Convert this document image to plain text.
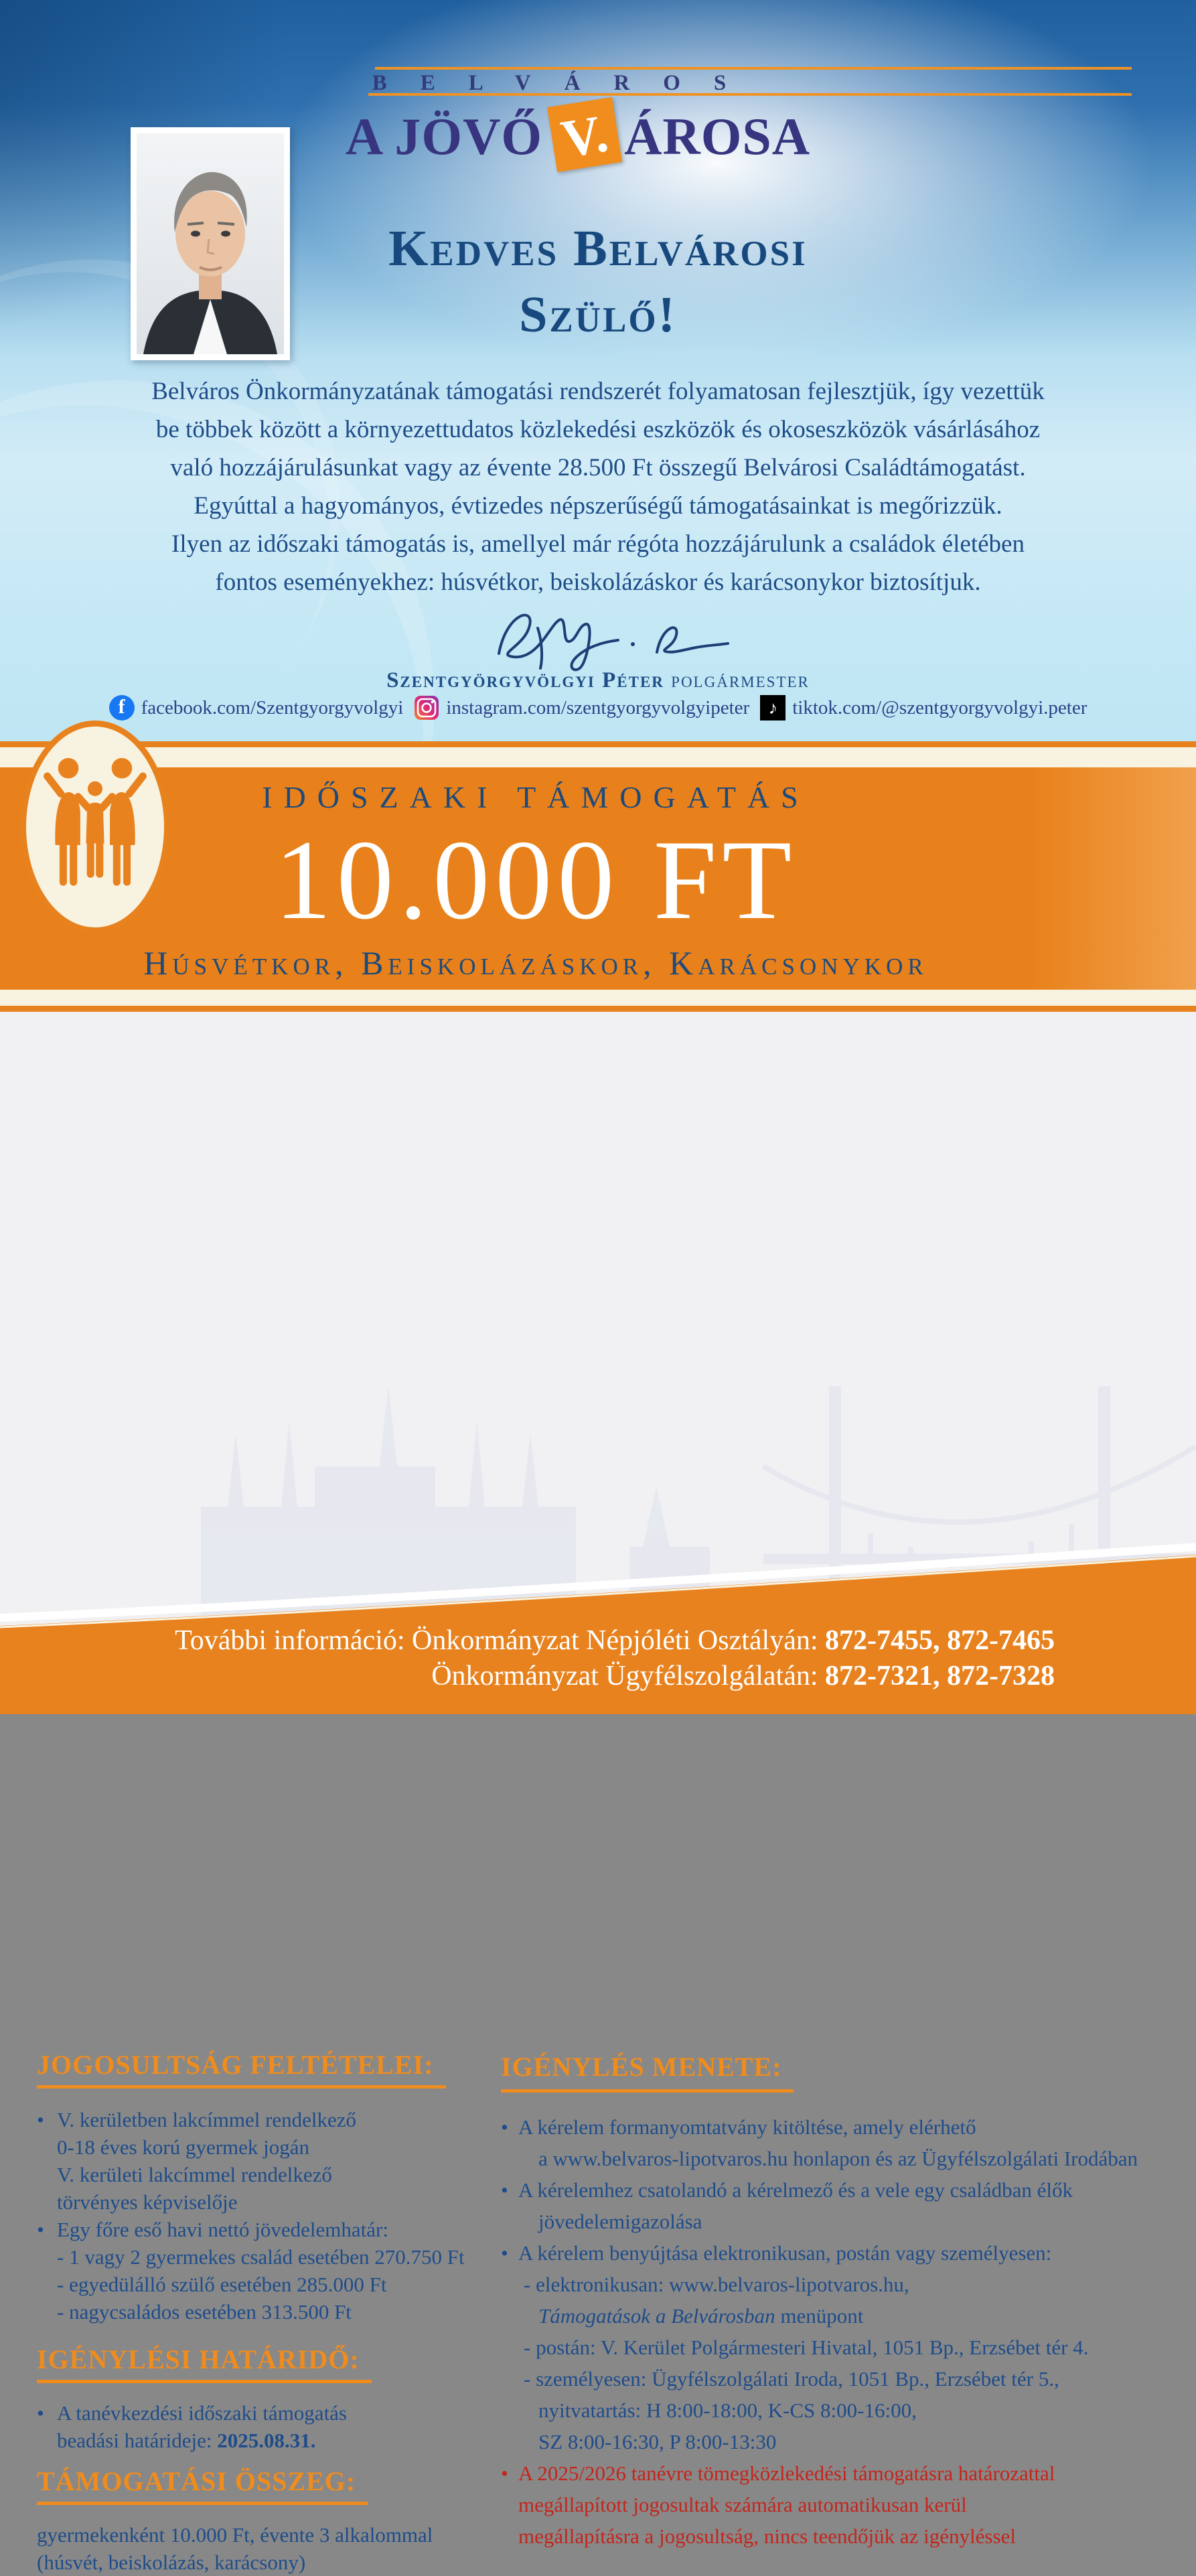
BELVÁROS
A JÖVŐ V. ÁROSA
Kedves Belvárosi
Szülő!
Belváros Önkormányzatának támogatási rendszerét folyamatosan fejlesztjük, így vezettük
be többek között a környezettudatos közlekedési eszközök és okoseszközök vásárlásához
való hozzájárulásunkat vagy az évente 28.500 Ft összegű Belvárosi Családtámogatást.
Egyúttal a hagyományos, évtizedes népszerűségű támogatásainkat is megőrizzük.
Ilyen az időszaki támogatás is, amellyel már régóta hozzájárulunk a családok életében
fontos eseményekhez: húsvétkor, beiskolázáskor és karácsonykor biztosítjuk.
Szentgyörgyvölgyi Péter polgármester
f facebook.com/Szentgyorgyvolgyi instagram.com/szentgyorgyvolgyipeter	♪ tiktok.com/@szentgyorgyvolgyi.peter
IDŐSZAKI TÁMOGATÁS
10.000 FT
Húsvétkor, Beiskolázáskor, Karácsonykor
JOGOSULTSÁG FELTÉTELEI:
• V. kerületben lakcímmel rendelkező
0-18 éves korú gyermek jogán
V. kerületi lakcímmel rendelkező
törvényes képviselője
• Egy főre eső havi nettó jövedelemhatár:
- 1 vagy 2 gyermekes család esetében 270.750 Ft
- egyedülálló szülő esetében 285.000 Ft
- nagycsaládos esetében 313.500 Ft
IGÉNYLÉSI HATÁRIDŐ:
• A tanévkezdési időszaki támogatás
beadási határideje: 2025.08.31.
TÁMOGATÁSI ÖSSZEG:
gyermekenként 10.000 Ft, évente 3 alkalommal
(húsvét, beiskolázás, karácsony)
IGÉNYLÉS MENETE:
• A kérelem formanyomtatvány kitöltése, amely elérhető
a www.belvaros-lipotvaros.hu honlapon és az Ügyfélszolgálati Irodában
• A kérelemhez csatolandó a kérelmező és a vele egy családban élők
jövedelemigazolása
• A kérelem benyújtása elektronikusan, postán vagy személyesen:
- elektronikusan: www.belvaros-lipotvaros.hu,
Támogatások a Belvárosban menüpont
- postán: V. Kerület Polgármesteri Hivatal, 1051 Bp., Erzsébet tér 4.
- személyesen: Ügyfélszolgálati Iroda, 1051 Bp., Erzsébet tér 5.,
nyitvatartás: H 8:00-18:00, K-CS 8:00-16:00,
SZ 8:00-16:30, P 8:00-13:30
• A 2025/2026 tanévre tömegközlekedési támogatásra határozattal
megállapított jogosultak számára automatikusan kerül
megállapításra a jogosultság, nincs teendőjük az igényléssel
További információ: Önkormányzat Népjóléti Osztályán: 872-7455, 872-7465
Önkormányzat Ügyfélszolgálatán: 872-7321, 872-7328
